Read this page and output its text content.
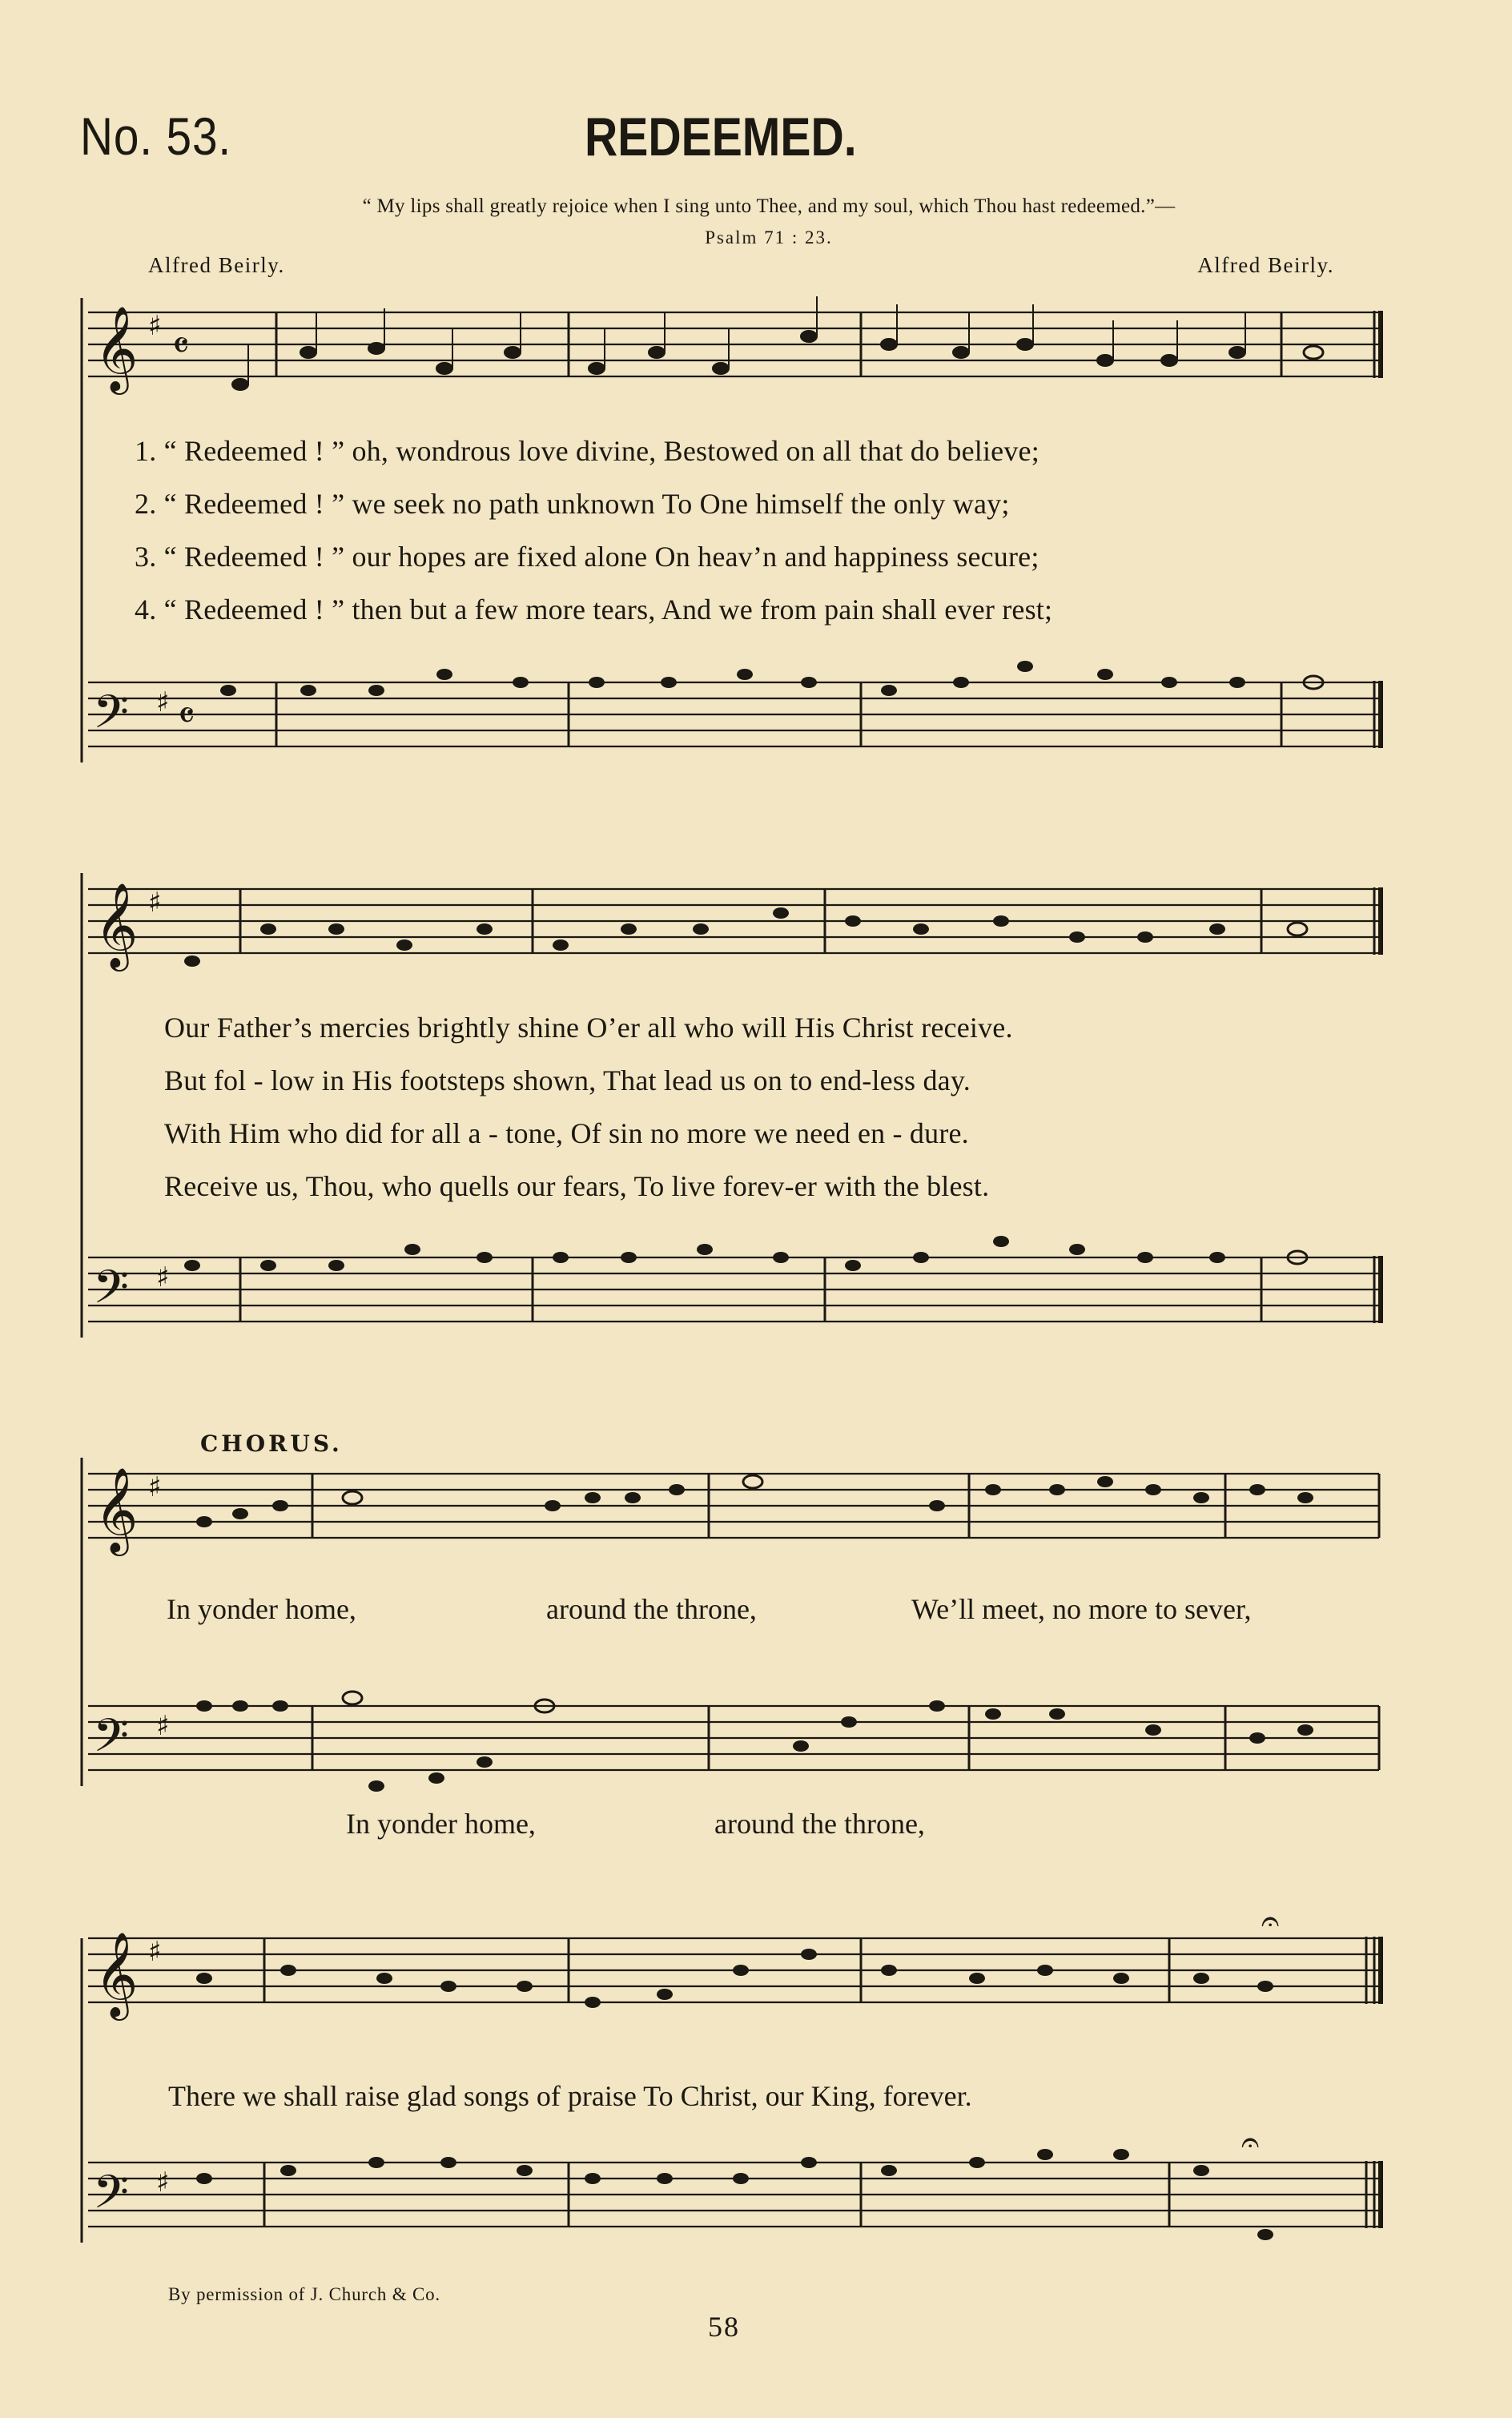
No. 53.	REDEEMED.
“ My lips shall greatly rejoice when I sing unto Thee, and my soul, which Thou hast redeemed.”—
Psalm 71 : 23.
Alfred Beirly.	Alfred Beirly.
𝄞 ♯ 𝄴
1. “ Redeemed ! ” oh, wondrous love divine, Bestowed on all that do believe;
2. “ Redeemed ! ” we seek no path unknown To One himself the only way;
3. “ Redeemed ! ” our hopes are fixed alone On heav’n and happiness secure;
4. “ Redeemed ! ” then but a few more tears, And we from pain shall ever rest;
𝄢 ♯ 𝄴
𝄞 ♯
Our Father’s mercies brightly shine O’er all who will His Christ receive.
But fol - low in His footsteps shown, That lead us on to end-less day.
With Him who did for all a - tone, Of sin no more we need en - dure.
Receive us, Thou, who quells our fears, To live forev-er with the blest.
𝄢 ♯
CHORUS.
𝄞 ♯
In yonder home,	around the throne,	We’ll meet, no more to sever,
𝄢 ♯
In yonder home,	around the throne,
𝄞 ♯
𝄐
There we shall raise glad songs of praise To Christ, our King, forever.
𝄢 ♯
𝄐
By permission of J. Church & Co.
58
